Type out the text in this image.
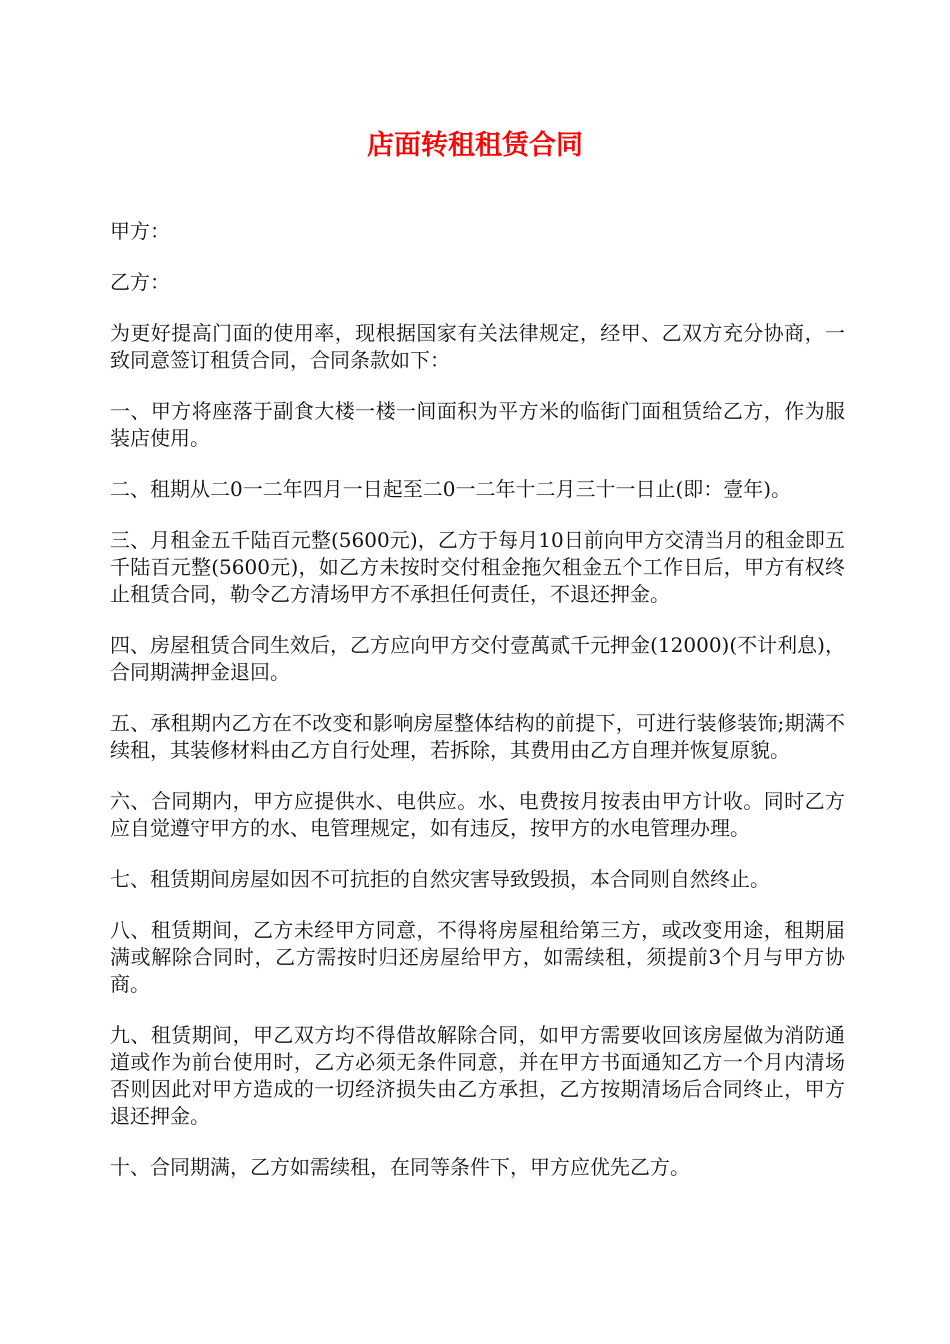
店面转租租赁合同

甲方：

乙方：

为更好提高门面的使用率，现根据国家有关法律规定，经甲、乙双方充分协商，一致同意签订租赁合同，合同条款如下：

一、甲方将座落于副食大楼一楼一间面积为平方米的临街门面租赁给乙方，作为服装店使用。

二、租期从二0一二年四月一日起至二0一二年十二月三十一日止(即：壹年)。

三、月租金五千陆百元整(5600元)，乙方于每月10日前向甲方交清当月的租金即五千陆百元整(5600元)，如乙方未按时交付租金拖欠租金五个工作日后，甲方有权终止租赁合同，勒令乙方清场甲方不承担任何责任，不退还押金。

四、房屋租赁合同生效后，乙方应向甲方交付壹萬贰千元押金(12000)(不计利息)，合同期满押金退回。

五、承租期内乙方在不改变和影响房屋整体结构的前提下，可进行装修装饰;期满不续租，其装修材料由乙方自行处理，若拆除，其费用由乙方自理并恢复原貌。

六、合同期内，甲方应提供水、电供应。水、电费按月按表由甲方计收。同时乙方应自觉遵守甲方的水、电管理规定，如有违反，按甲方的水电管理办理。

七、租赁期间房屋如因不可抗拒的自然灾害导致毁损，本合同则自然终止。

八、租赁期间，乙方未经甲方同意，不得将房屋租给第三方，或改变用途，租期届满或解除合同时，乙方需按时归还房屋给甲方，如需续租，须提前3个月与甲方协商。

九、租赁期间，甲乙双方均不得借故解除合同，如甲方需要收回该房屋做为消防通道或作为前台使用时，乙方必须无条件同意，并在甲方书面通知乙方一个月内清场否则因此对甲方造成的一切经济损失由乙方承担，乙方按期清场后合同终止，甲方退还押金。

十、合同期满，乙方如需续租，在同等条件下，甲方应优先乙方。
